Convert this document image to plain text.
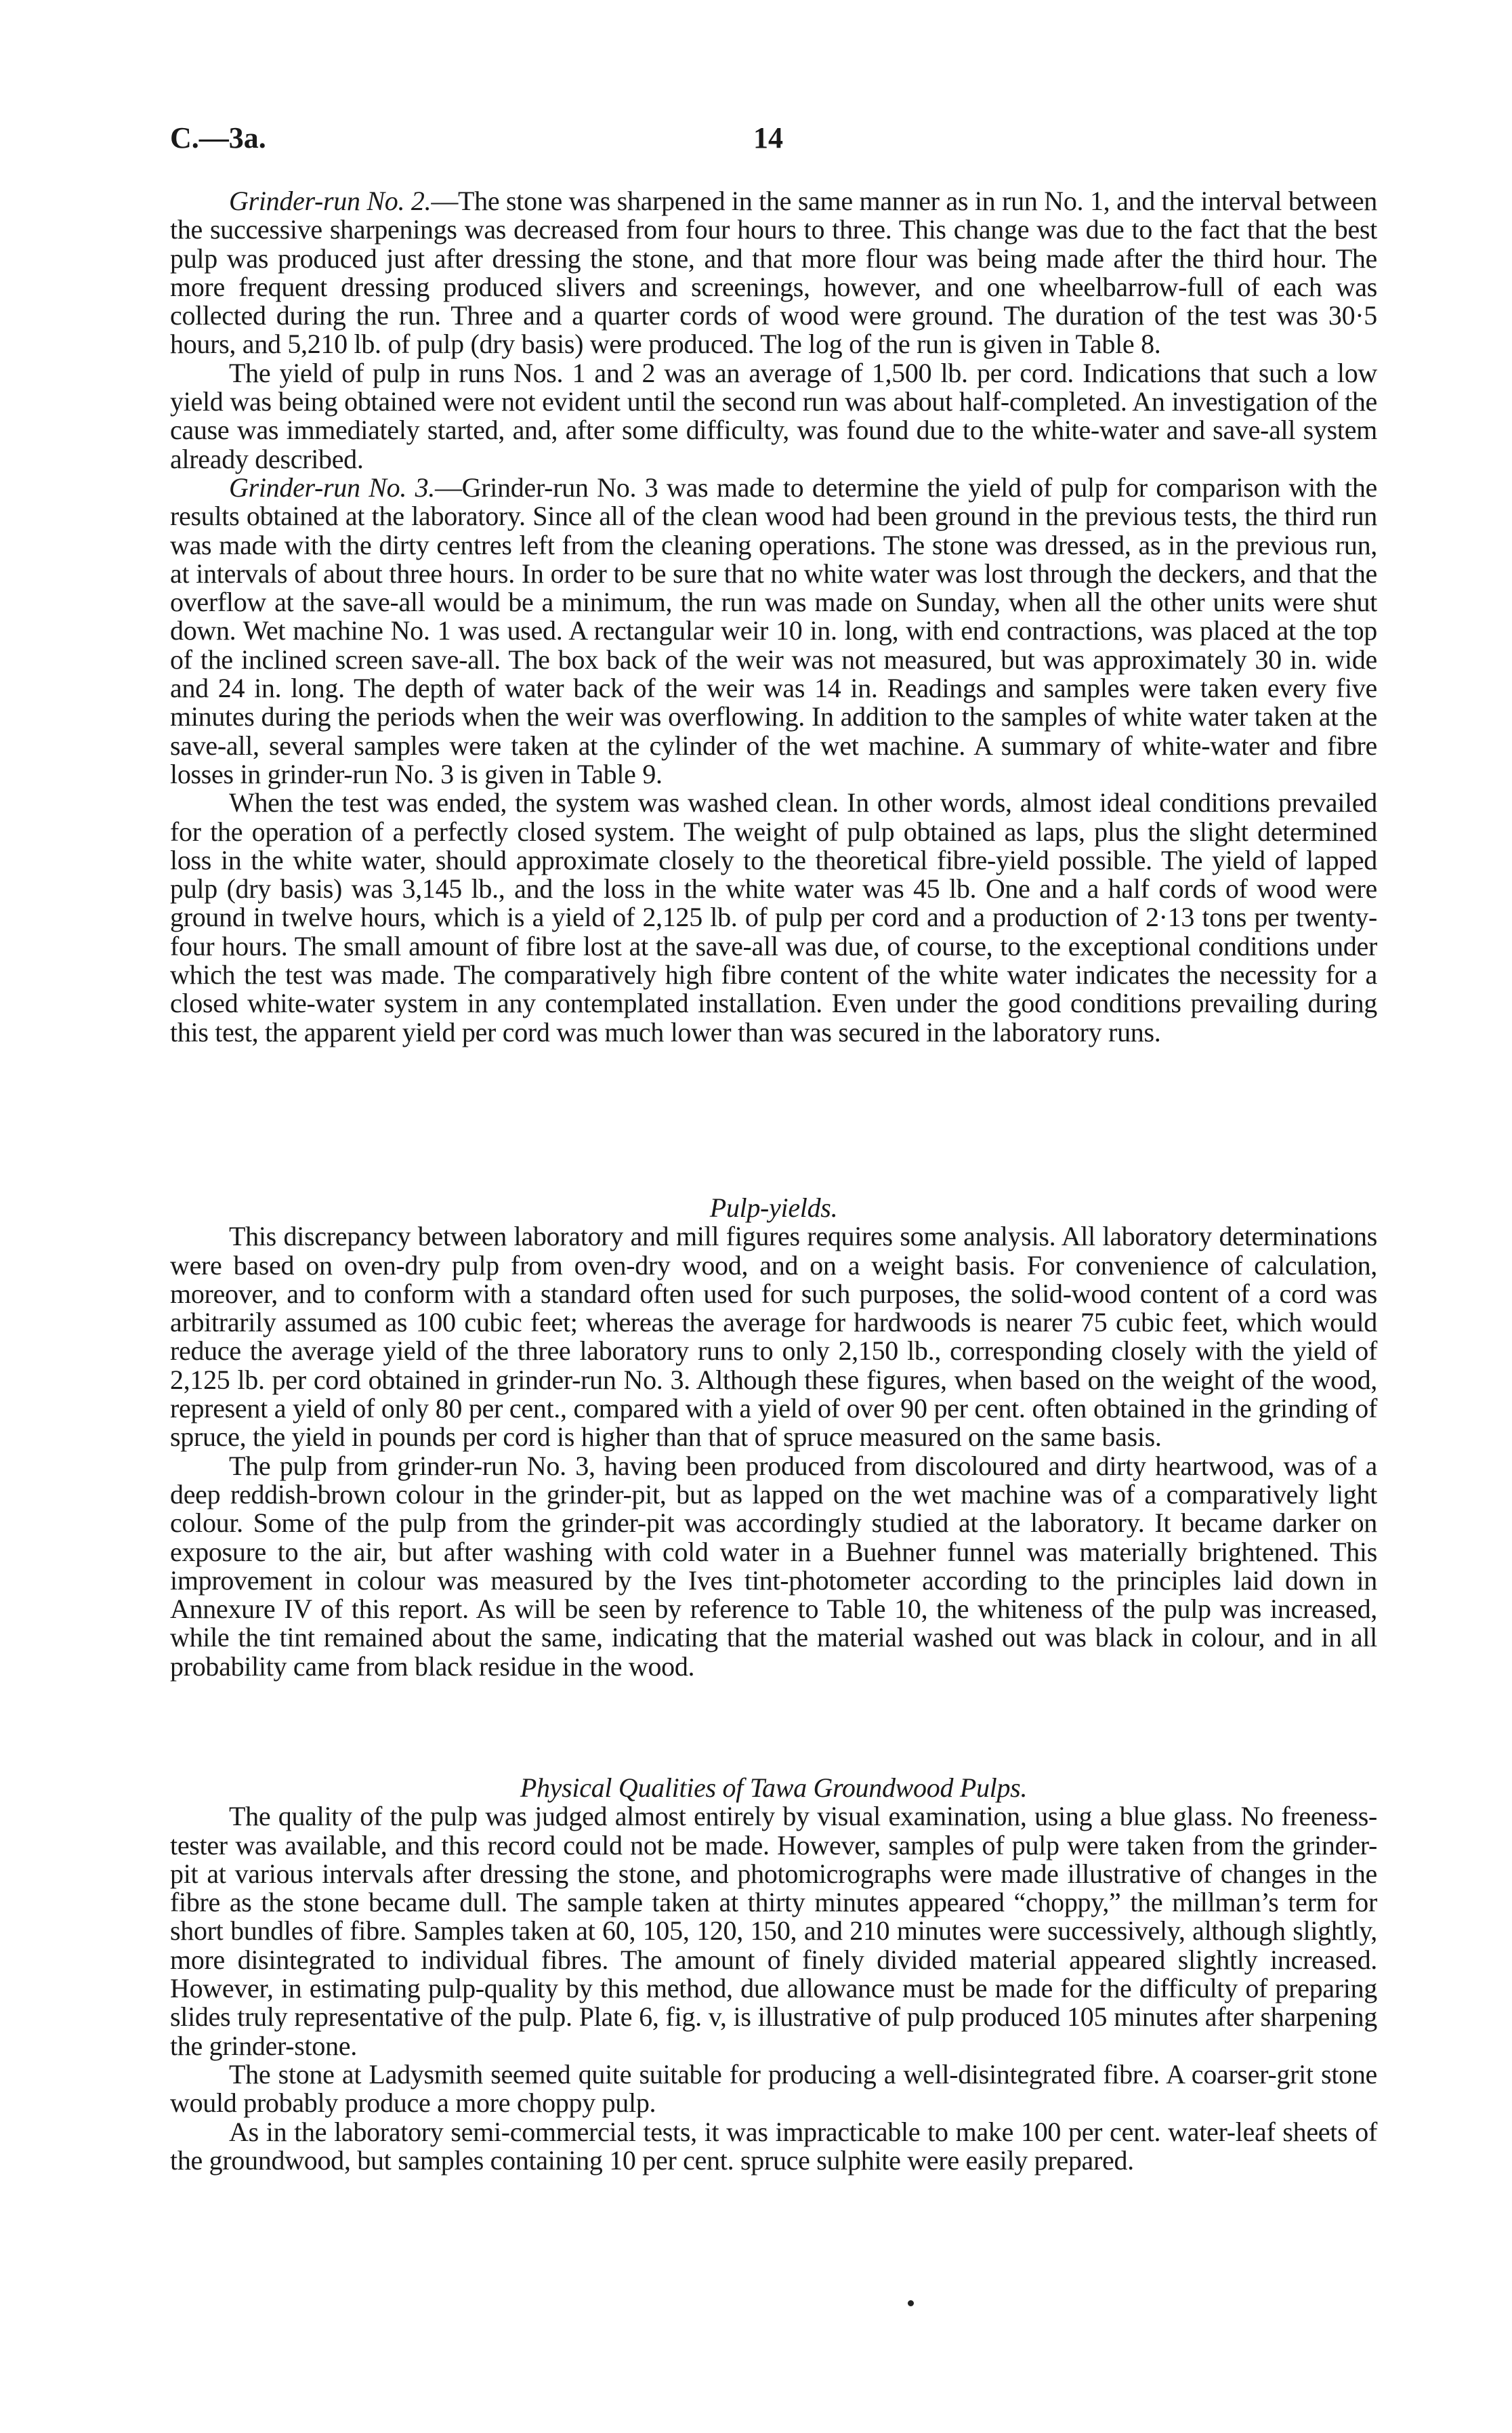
C.—3a.	14

Grinder-run No. 2.—The stone was sharpened in the same manner as in run No. 1, and the interval between the successive sharpenings was decreased from four hours to three. This change was due to the fact that the best pulp was produced just after dressing the stone, and that more flour was being made after the third hour. The more frequent dressing produced slivers and screenings, however, and one wheelbarrow-full of each was collected during the run. Three and a quarter cords of wood were ground. The duration of the test was 30·5 hours, and 5,210 lb. of pulp (dry basis) were produced. The log of the run is given in Table 8.

The yield of pulp in runs Nos. 1 and 2 was an average of 1,500 lb. per cord. Indications that such a low yield was being obtained were not evident until the second run was about half-completed. An investigation of the cause was immediately started, and, after some difficulty, was found due to the white-water and save-all system already described.

Grinder-run No. 3.—Grinder-run No. 3 was made to determine the yield of pulp for comparison with the results obtained at the laboratory. Since all of the clean wood had been ground in the previous tests, the third run was made with the dirty centres left from the cleaning operations. The stone was dressed, as in the previous run, at intervals of about three hours. In order to be sure that no white water was lost through the deckers, and that the overflow at the save-all would be a minimum, the run was made on Sunday, when all the other units were shut down. Wet machine No. 1 was used. A rectangular weir 10 in. long, with end contractions, was placed at the top of the inclined screen save-all. The box back of the weir was not measured, but was approximately 30 in. wide and 24 in. long. The depth of water back of the weir was 14 in. Readings and samples were taken every five minutes during the periods when the weir was overflowing. In addition to the samples of white water taken at the save-all, several samples were taken at the cylinder of the wet machine. A summary of white-water and fibre losses in grinder-run No. 3 is given in Table 9.

When the test was ended, the system was washed clean. In other words, almost ideal conditions prevailed for the operation of a perfectly closed system. The weight of pulp obtained as laps, plus the slight determined loss in the white water, should approximate closely to the theoretical fibre-yield possible. The yield of lapped pulp (dry basis) was 3,145 lb., and the loss in the white water was 45 lb. One and a half cords of wood were ground in twelve hours, which is a yield of 2,125 lb. of pulp per cord and a production of 2·13 tons per twenty-four hours. The small amount of fibre lost at the save-all was due, of course, to the exceptional conditions under which the test was made. The comparatively high fibre content of the white water indicates the necessity for a closed white-water system in any contemplated installation. Even under the good conditions prevailing during this test, the apparent yield per cord was much lower than was secured in the laboratory runs.

Pulp-yields.

This discrepancy between laboratory and mill figures requires some analysis. All laboratory determinations were based on oven-dry pulp from oven-dry wood, and on a weight basis. For convenience of calculation, moreover, and to conform with a standard often used for such purposes, the solid-wood content of a cord was arbitrarily assumed as 100 cubic feet; whereas the average for hardwoods is nearer 75 cubic feet, which would reduce the average yield of the three laboratory runs to only 2,150 lb., corresponding closely with the yield of 2,125 lb. per cord obtained in grinder-run No. 3. Although these figures, when based on the weight of the wood, represent a yield of only 80 per cent., compared with a yield of over 90 per cent. often obtained in the grinding of spruce, the yield in pounds per cord is higher than that of spruce measured on the same basis.

The pulp from grinder-run No. 3, having been produced from discoloured and dirty heartwood, was of a deep reddish-brown colour in the grinder-pit, but as lapped on the wet machine was of a comparatively light colour. Some of the pulp from the grinder-pit was accordingly studied at the laboratory. It became darker on exposure to the air, but after washing with cold water in a Buehner funnel was materially brightened. This improvement in colour was measured by the Ives tint-photometer according to the principles laid down in Annexure IV of this report. As will be seen by reference to Table 10, the whiteness of the pulp was increased, while the tint remained about the same, indicating that the material washed out was black in colour, and in all probability came from black residue in the wood.

Physical Qualities of Tawa Groundwood Pulps.

The quality of the pulp was judged almost entirely by visual examination, using a blue glass. No freeness-tester was available, and this record could not be made. However, samples of pulp were taken from the grinder-pit at various intervals after dressing the stone, and photomicrographs were made illustrative of changes in the fibre as the stone became dull. The sample taken at thirty minutes appeared “choppy,” the millman’s term for short bundles of fibre. Samples taken at 60, 105, 120, 150, and 210 minutes were successively, although slightly, more disintegrated to individual fibres. The amount of finely divided material appeared slightly increased. However, in estimating pulp-quality by this method, due allowance must be made for the difficulty of preparing slides truly representative of the pulp. Plate 6, fig. v, is illustrative of pulp produced 105 minutes after sharpening the grinder-stone.

The stone at Ladysmith seemed quite suitable for producing a well-disintegrated fibre. A coarser-grit stone would probably produce a more choppy pulp.

As in the laboratory semi-commercial tests, it was impracticable to make 100 per cent. water-leaf sheets of the groundwood, but samples containing 10 per cent. spruce sulphite were easily prepared.
